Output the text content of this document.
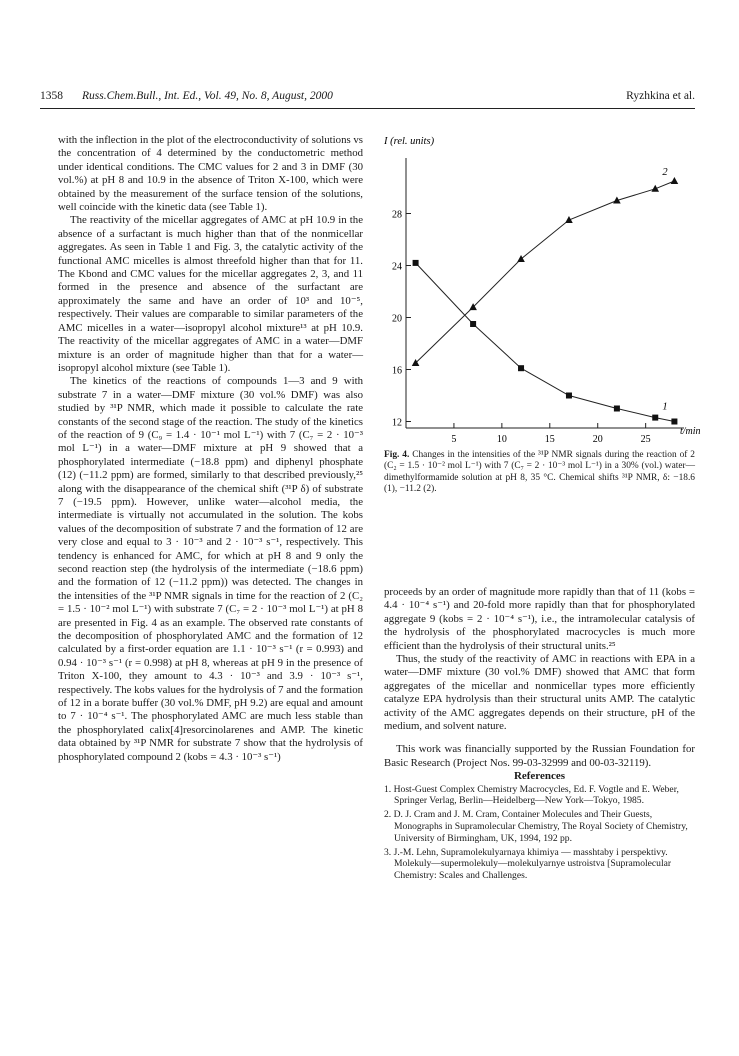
1358 Russ.Chem.Bull., Int. Ed., Vol. 49, No. 8, August, 2000	Ryzhkina et al.

with the inflection in the plot of the electroconductivity of solutions vs the concentration of 4 determined by the conductometric method under identical conditions. The CMC values for 2 and 3 in DMF (30 vol.%) at pH 8 and 10.9 in the absence of Triton X-100, which were obtained by the measurement of the surface tension of the solutions, well coincide with the kinetic data (see Table 1).

The reactivity of the micellar aggregates of AMC at pH 10.9 in the absence of a surfactant is much higher than that of the nonmicellar aggregates. As seen in Table 1 and Fig. 3, the catalytic activity of the functional AMC micelles is almost threefold higher than that for 11. The Kbond and CMC values for the micellar aggregates 2, 3, and 11 formed in the presence and absence of the surfactant are approximately the same and have an order of 10³ and 10⁻⁵, respectively. Their values are comparable to similar parameters of the AMC micelles in a water—isopropyl alcohol mixture¹³ at pH 10.9. The reactivity of the micellar aggregates of AMC in a water—DMF mixture is an order of magnitude higher than that for a water—isopropyl alcohol mixture (see Table 1).

The kinetics of the reactions of compounds 1—3 and 9 with substrate 7 in a water—DMF mixture (30 vol.% DMF) was also studied by ³¹P NMR, which made it possible to calculate the rate constants of the second stage of the reaction. The study of the kinetics of the reaction of 9 (C₉ = 1.4 · 10⁻¹ mol L⁻¹) with 7 (C₇ = 2 · 10⁻³ mol L⁻¹) in a water—DMF mixture at pH 9 showed that a phosphorylated intermediate (−18.8 ppm) and diphenyl phosphate (12) (−11.2 ppm) are formed, similarly to that described previously,²⁵ along with the disappearance of the chemical shift (³¹P δ) of substrate 7 (−19.5 ppm). However, unlike water—alcohol media, the intermediate is virtually not accumulated in the solution. The kobs values of the decomposition of substrate 7 and the formation of 12 are very close and equal to 3 · 10⁻³ and 2 · 10⁻³ s⁻¹, respectively. This tendency is enhanced for AMC, for which at pH 8 and 9 only the second reaction step (the hydrolysis of the intermediate (−18.6 ppm) and the formation of 12 (−11.2 ppm)) was detected. The changes in the intensities of the ³¹P NMR signals in time for the reaction of 2 (C₂ = 1.5 · 10⁻² mol L⁻¹) with substrate 7 (C₇ = 2 · 10⁻³ mol L⁻¹) at pH 8 are presented in Fig. 4 as an example. The observed rate constants of the decomposition of phosphorylated AMC and the formation of 12 calculated by a first-order equation are 1.1 · 10⁻³ s⁻¹ (r = 0.993) and 0.94 · 10⁻³ s⁻¹ (r = 0.998) at pH 8, whereas at pH 9 in the presence of Triton X-100, they amount to 4.3 · 10⁻³ and 3.9 · 10⁻³ s⁻¹, respectively. The kobs values for the hydrolysis of 7 and the formation of 12 in a borate buffer (30 vol.% DMF, pH 9.2) are equal and amount to 7 · 10⁻⁴ s⁻¹. The phosphorylated AMC are much less stable than the phosphorylated calix[4]resorcinolarenes and AMP. The kinetic data obtained by ³¹P NMR for substrate 7 show that the hydrolysis of phosphorylated compound 2 (kobs = 4.3 · 10⁻³ s⁻¹)

I (rel. units)
t/min
12
16
20
24
28
5	10	15	20	25
1
2
Fig. 4. Changes in the intensities of the ³¹P NMR signals during the reaction of 2 (C₂ = 1.5 · 10⁻² mol L⁻¹) with 7 (C₇ = 2 · 10⁻³ mol L⁻¹) in a 30% (vol.) water—dimethylformamide solution at pH 8, 35 °C. Chemical shifts ³¹P NMR, δ: −18.6 (1), −11.2 (2).

proceeds by an order of magnitude more rapidly than that of 11 (kobs = 4.4 · 10⁻⁴ s⁻¹) and 20-fold more rapidly than that for phosphorylated aggregate 9 (kobs = 2 · 10⁻⁴ s⁻¹), i.e., the intramolecular catalysis of the hydrolysis of the phosphorylated macrocycles is much more efficient than the hydrolysis of their structural units.²⁵

Thus, the study of the reactivity of AMC in reactions with EPA in a water—DMF mixture (30 vol.% DMF) showed that AMC that form aggregates of the micellar and nonmicellar types more efficiently catalyze EPA hydrolysis than their structural units AMP. The catalytic activity of the AMC aggregates depends on their structure, pH of the medium, and solvent nature.

This work was financially supported by the Russian Foundation for Basic Research (Project Nos. 99-03-32999 and 00-03-32119).

References

1. Host-Guest Complex Chemistry Macrocycles, Ed. F. Vogtle and E. Weber, Springer Verlag, Berlin—Heidelberg—New York—Tokyo, 1985.

2. D. J. Cram and J. M. Cram, Container Molecules and Their Guests, Monographs in Supramolecular Chemistry, The Royal Society of Chemistry, University of Birmingham, UK, 1994, 192 pp.

3. J.-M. Lehn, Supramolekulyarnaya khimiya — masshtaby i perspektivy. Molekuly—supermolekuly—molekulyarnye ustroistva [Supramolecular Chemistry: Scales and Challenges.
